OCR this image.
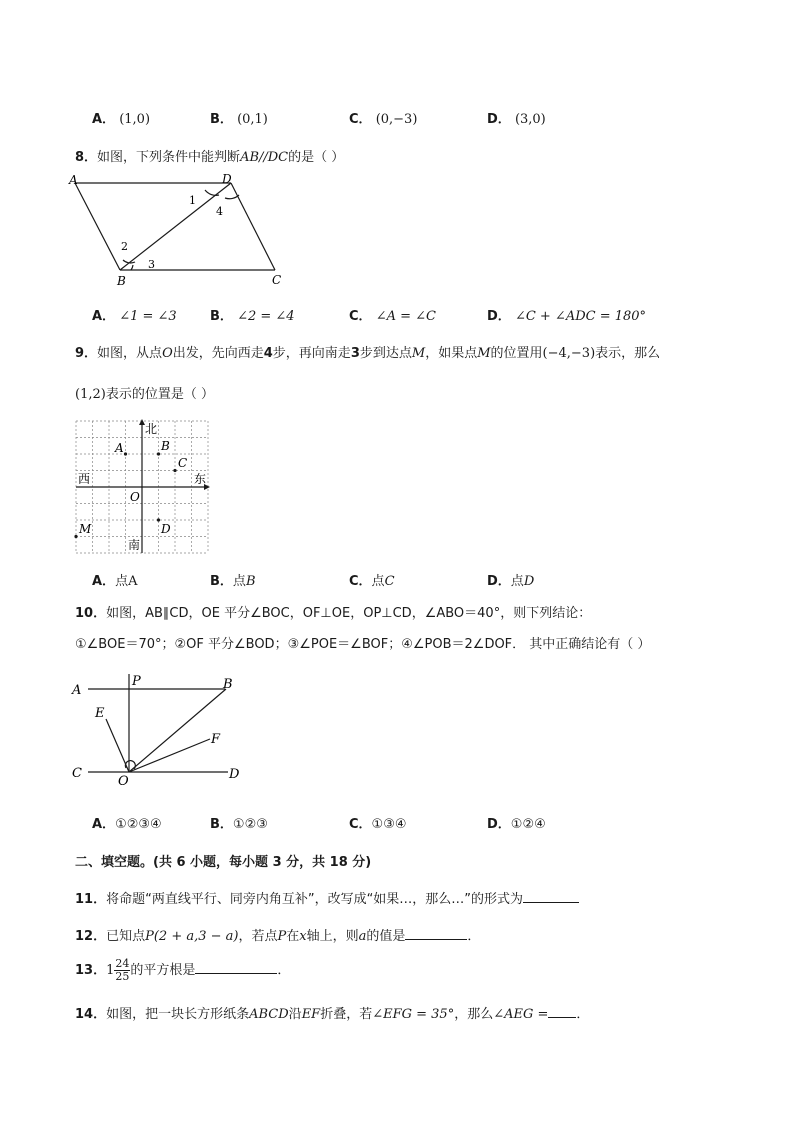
A． (1,0)	B． (0,1)	C． (0,−3)	D． (3,0)
8．如图，下列条件中能判断AB//DC的是（ ）
A	D
B	C
1
4
2
3
A． ∠1 = ∠3	B． ∠2 = ∠4	C． ∠A = ∠C	D． ∠C + ∠ADC = 180°
9．如图，从点O出发，先向西走4步，再向南走3步到达点M，如果点M的位置用(−4,−3)表示，那么
(1,2)表示的位置是（ ）
北
南
西	东
A	B
C
D
O
M
A．点A	B．点B	C．点C	D．点D
10．如图，AB∥CD，OE 平分∠BOC，OF⊥OE，OP⊥CD，∠ABO＝40°，则下列结论：
①∠BOE＝70°；②OF 平分∠BOD；③∠POE＝∠BOF；④∠POB＝2∠DOF． 其中正确结论有（ ）
A
P	B
E
F
C
O	D
A．①②③④	B．①②③	C．①③④	D．①②④
二、填空题。(共 6 小题，每小题 3 分，共 18 分)
11．将命题“两直线平行、同旁内角互补”，改写成“如果…，那么…”的形式为
12．已知点P(2 + a,3 − a)，若点P在x轴上，则a的值是	．
13．$1 \frac{24}{25}$ 的平方根是	．
14．如图，把一块长方形纸条ABCD沿EF折叠，若∠EFG = 35°，那么∠AEG = ．
